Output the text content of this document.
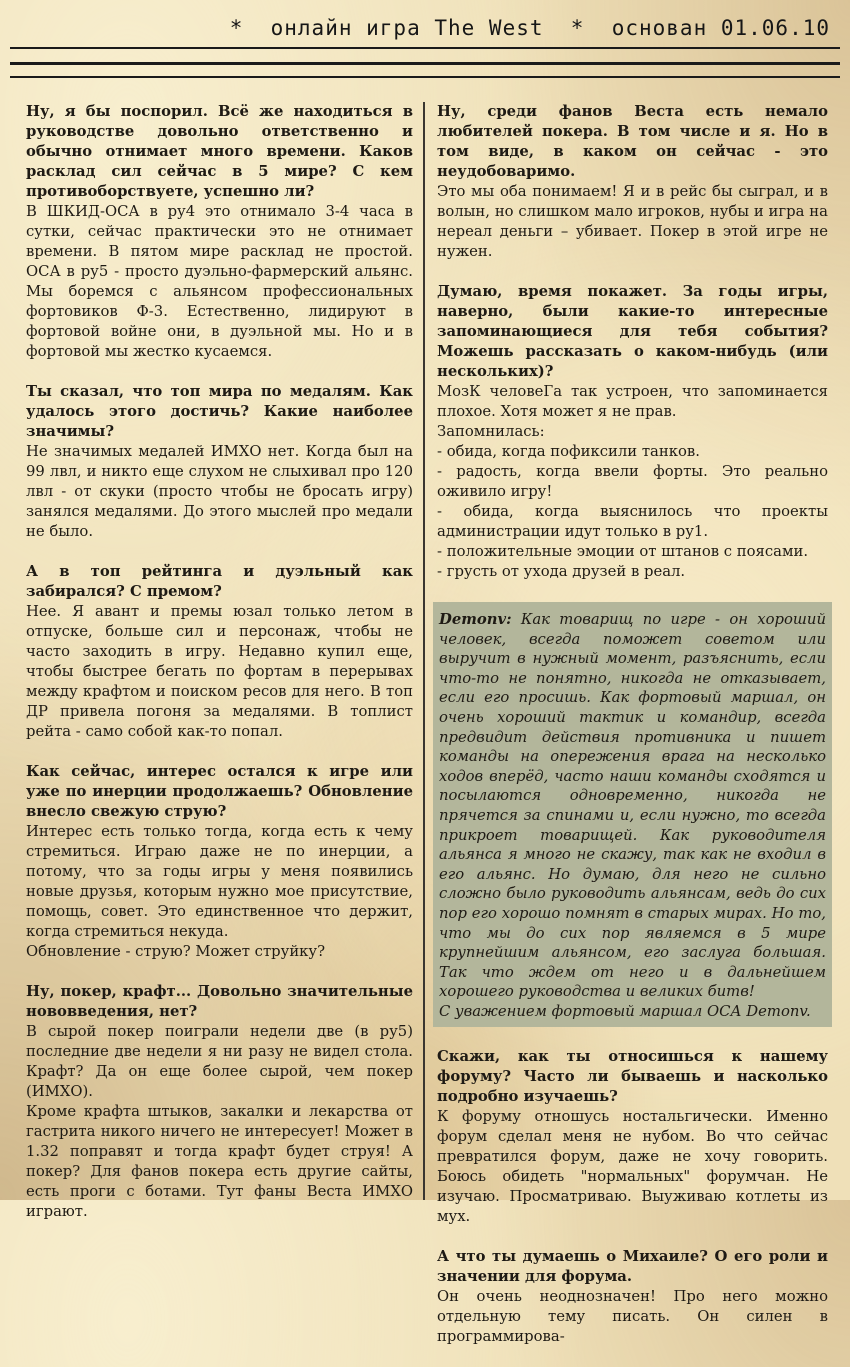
*  онлайн игра The West  *  основан 01.06.10

Ну, я бы поспорил. Всё же находиться в руководстве довольно ответственно и обычно отнимает много времени. Каков расклад сил сейчас в 5 мире? С кем противоборствуете, успешно ли?

В ШКИД-ОСА в ру4 это отнимало 3-4 часа в сутки, сейчас практически это не отнимает времени. В пятом мире расклад не простой. ОСА в ру5 - просто дуэльно-фармерский альянс. Мы боремся с альянсом профессиональных фортовиков Ф-3. Естественно, лидируют в фортовой войне они, в дуэльной мы. Но и в фортовой мы жестко кусаемся.

Ты сказал, что топ мира по медалям. Как удалось этого достичь? Какие наиболее значимы?

Не значимых медалей ИМХО нет. Когда был на 99 лвл, и никто еще слухом не слыхивал про 120 лвл - от скуки (просто чтобы не бросать игру) занялся медалями. До этого мыслей про медали не было.

А в топ рейтинга и дуэльный как забирался? С премом?

Нее. Я авант и премы юзал только летом в отпуске, больше сил и персонаж, чтобы не часто заходить в игру. Недавно купил еще, чтобы быстрее бегать по фортам в перерывах между крафтом и поиском ресов для него. В топ ДР привела погоня за медалями. В топлист рейта - само собой как-то попал.

Как сейчас, интерес остался к игре или уже по инерции продолжаешь? Обновление внесло свежую струю?

Интерес есть только тогда, когда есть к чему стремиться. Играю даже не по инерции, а потому, что за годы игры у меня появились новые друзья, которым нужно мое присутствие, помощь, совет. Это единственное что держит, когда стремиться некуда.

Обновление - струю? Может струйку?

Ну, покер, крафт... Довольно значительные нововведения, нет?

В сырой покер поиграли недели две (в ру5) последние две недели я ни разу не видел стола. Крафт? Да он еще более сырой, чем покер (ИМХО).

Кроме крафта штыков, закалки и лекарства от гастрита никого ничего не интересует! Может в 1.32 поправят и тогда крафт будет струя! А покер? Для фанов покера есть другие сайты, есть проги с ботами. Тут фаны Веста ИМХО играют.

Ну, среди фанов Веста есть немало любителей покера. В том числе и я. Но в том виде, в каком он сейчас - это неудобоваримо.

Это мы оба понимаем! Я и в рейс бы сыграл, и в волын, но слишком мало игроков, нубы и игра на нереал деньги – убивает. Покер в этой игре не нужен.

Думаю, время покажет. За годы игры, наверно, были какие-то интересные запоминающиеся для тебя события? Можешь рассказать о каком-нибудь (или нескольких)?

МозК человеГа так устроен, что запоминается плохое. Хотя может я не прав.

Запомнилась:

- обида, когда пофиксили танков.

- радость, когда ввели форты. Это реально оживило игру!

- обида, когда выяснилось что проекты администрации идут только в ру1.

- положительные эмоции от штанов с поясами.

- грусть от ухода друзей в реал.

Demonv: Как товарищ по игре - он хороший человек, всегда поможет советом или выручит в нужный момент, разъяснить, если что-то не понятно, никогда не отказывает, если его просишь. Как фортовый маршал, он очень хороший тактик и командир, всегда предвидит действия противника и пишет команды на опережения врага на несколько ходов вперёд, часто наши команды сходятся и посылаются одновременно, никогда не прячется за спинами и, если нужно, то всегда прикроет товарищей. Как руководителя альянса я много не скажу, так как не входил в его альянс. Но думаю, для него не сильно сложно было руководить альянсам, ведь до сих пор его хорошо помнят в старых мирах. Но то, что мы до сих пор являемся в 5 мире крупнейшим альянсом, его заслуга большая. Так что ждем от него и в дальнейшем хорошего руководства и великих битв!
С уважением фортовый маршал ОСА Demonv.

Скажи, как ты относишься к нашему форуму? Часто ли бываешь и насколько подробно изучаешь?

К форуму отношусь ностальгически. Именно форум сделал меня не нубом. Во что сейчас превратился форум, даже не хочу говорить. Боюсь обидеть "нормальных" форумчан. Не изучаю. Просматриваю. Выуживаю котлеты из мух.

А что ты думаешь о Михаиле? О его роли и значении для форума.

Он очень неоднозначен! Про него можно отдельную тему писать. Он силен в программирова-
